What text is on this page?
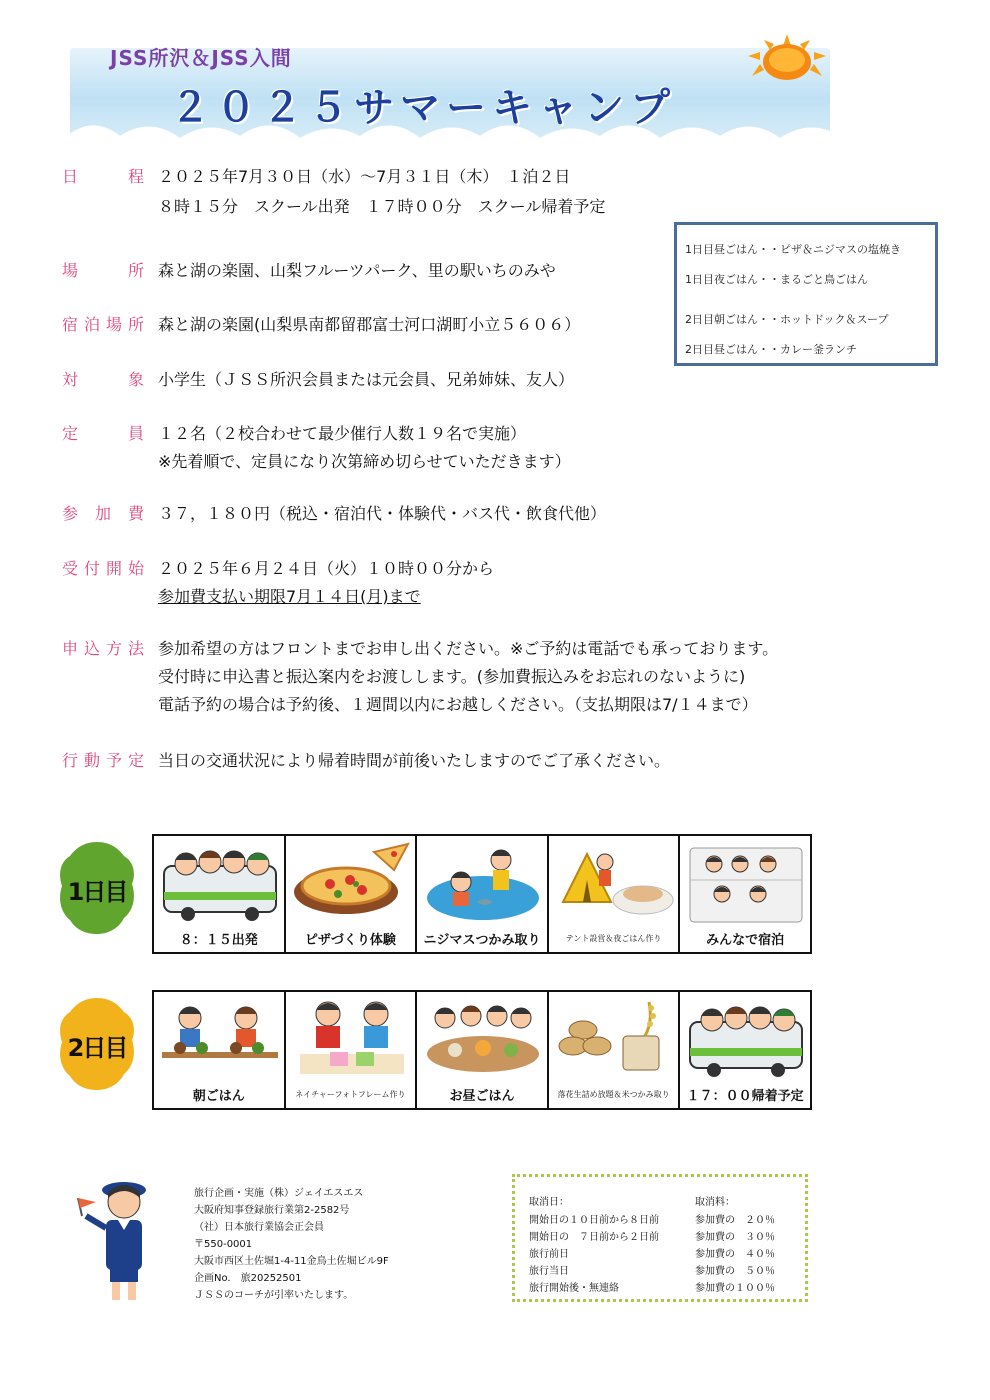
JSS所沢＆JSS入間
２０２５サマーキャンプ
日程 ２０２５年7月３０日（水）～7月３１日（木）　１泊２日
８時１５分　スクール出発　１７時００分　スクール帰着予定
場所 森と湖の楽園、山梨フルーツパーク、里の駅いちのみや
宿泊場所 森と湖の楽園(山梨県南都留郡富士河口湖町小立５６０６）
対象 小学生（ＪＳＳ所沢会員または元会員、兄弟姉妹、友人）
定員 １２名（２校合わせて最少催行人数１９名で実施）
※先着順で、定員になり次第締め切らせていただきます）
参加費 ３７，１８０円（税込・宿泊代・体験代・バス代・飲食代他）
受付開始 ２０２５年６月２４日（火）１０時００分から
参加費支払い期限7月１４日(月)まで
申込方法 参加希望の方はフロントまでお申し出ください。※ご予約は電話でも承っております。
受付時に申込書と振込案内をお渡しします。(参加費振込みをお忘れのないように)
電話予約の場合は予約後、１週間以内にお越しください。（支払期限は7/１４まで）
行動予定 当日の交通状況により帰着時間が前後いたしますのでご了承ください。
1日目昼ごはん・・ピザ＆ニジマスの塩焼き
1日目夜ごはん・・まるごと鳥ごはん
2日目朝ごはん・・ホットドック＆スープ
2日目昼ごはん・・カレー釜ランチ
1日目
８：１５出発	ピザづくり体験	ニジマスつかみ取り	テント設営＆夜ごはん作り	みんなで宿泊
2日目
朝ごはん	ネイチャーフォトフレーム作り	お昼ごはん	落花生詰め放題＆米つかみ取り	１７：００帰着予定
旅行企画・実施（株）ジェイエスエス
大阪府知事登録旅行業第2-2582号
（社）日本旅行業協会正会員
〒550-0001
大阪市西区土佐堀1-4-11金鳥土佐堀ビル9F
企画No.　旅20252501
ＪＳＳのコーチが引率いたします。
取消日：	取消料：
開始日の１０日前から８日前	参加費の　２０％
開始日の　７日前から２日前	参加費の　３０％
旅行前日	参加費の　４０％
旅行当日	参加費の　５０％
旅行開始後・無連絡	参加費の１００％
